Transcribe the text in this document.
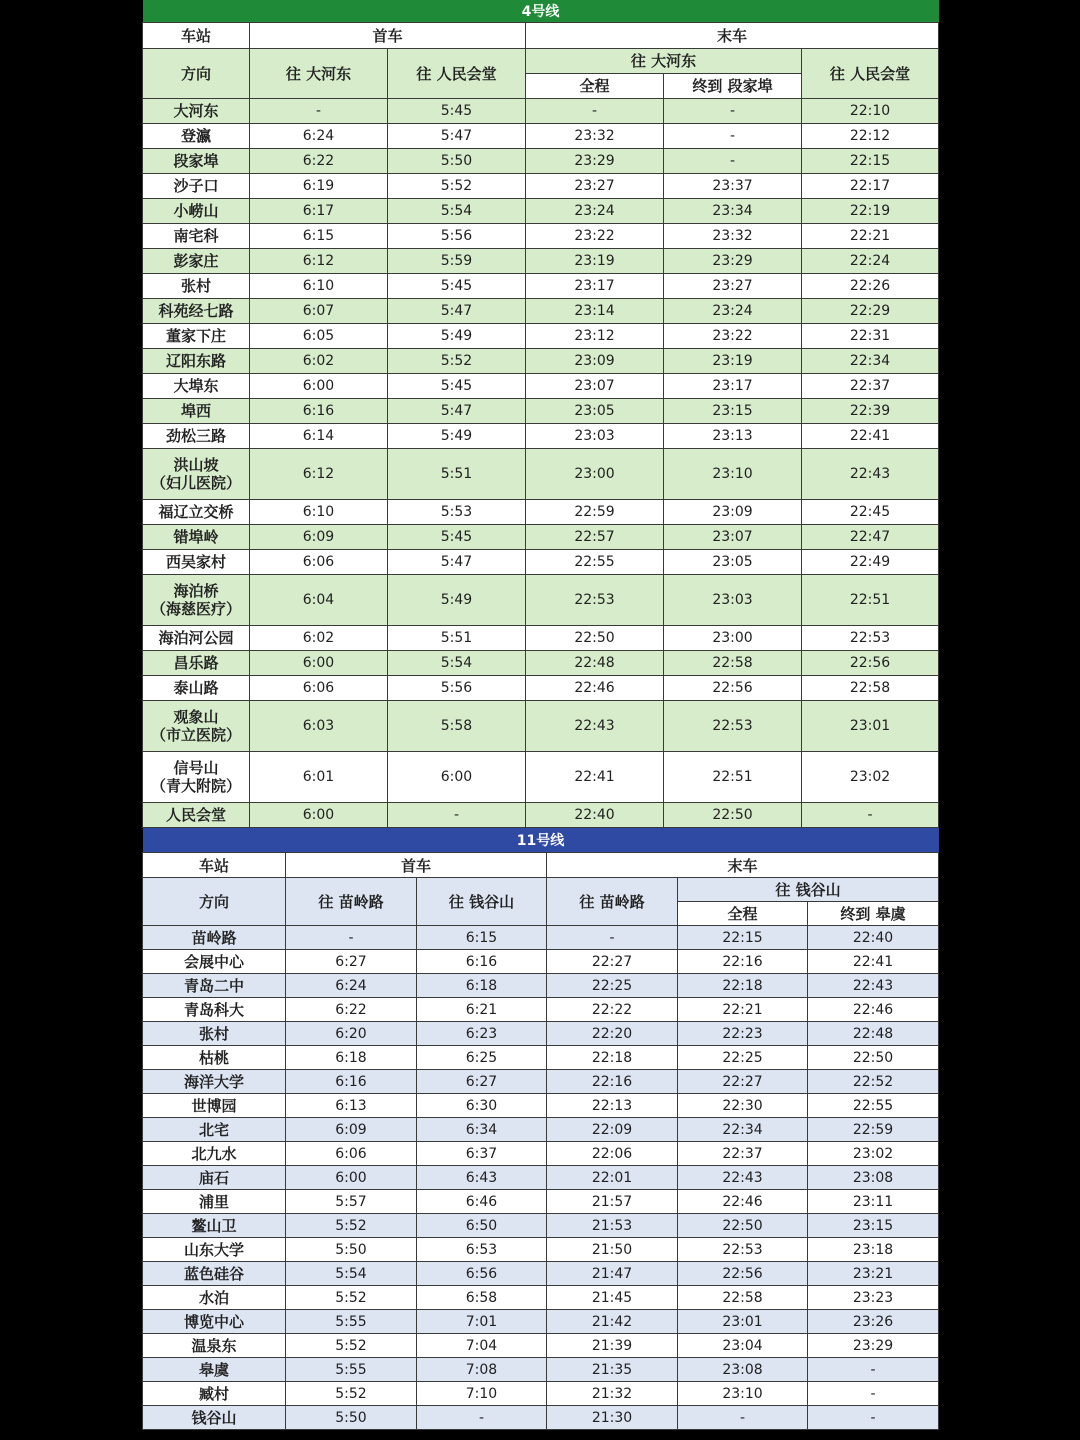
4号线					
车站	首车		末车		
方向	往 大河东	往 人民会堂	往 大河东		往 人民会堂
			全程	终到 段家埠	
大河东	-	5:45	-	-	22:10
登瀛	6:24	5:47	23:32	-	22:12
段家埠	6:22	5:50	23:29	-	22:15
沙子口	6:19	5:52	23:27	23:37	22:17
小崂山	6:17	5:54	23:24	23:34	22:19
南宅科	6:15	5:56	23:22	23:32	22:21
彭家庄	6:12	5:59	23:19	23:29	22:24
张村	6:10	5:45	23:17	23:27	22:26
科苑经七路	6:07	5:47	23:14	23:24	22:29
董家下庄	6:05	5:49	23:12	23:22	22:31
辽阳东路	6:02	5:52	23:09	23:19	22:34
大埠东	6:00	5:45	23:07	23:17	22:37
埠西	6:16	5:47	23:05	23:15	22:39
劲松三路	6:14	5:49	23:03	23:13	22:41
洪山坡
（妇儿医院）	6:12	5:51	23:00	23:10	22:43
福辽立交桥	6:10	5:53	22:59	23:09	22:45
错埠岭	6:09	5:45	22:57	23:07	22:47
西吴家村	6:06	5:47	22:55	23:05	22:49
海泊桥
（海慈医疗）	6:04	5:49	22:53	23:03	22:51
海泊河公园	6:02	5:51	22:50	23:00	22:53
昌乐路	6:00	5:54	22:48	22:58	22:56
泰山路	6:06	5:56	22:46	22:56	22:58
观象山
（市立医院）	6:03	5:58	22:43	22:53	23:01
信号山
（青大附院）	6:01	6:00	22:41	22:51	23:02
人民会堂	6:00	-	22:40	22:50	-
11号线					
车站	首车		末车		
方向	往 苗岭路	往 钱谷山	往 苗岭路	往 钱谷山	
				全程	终到 皋虞
苗岭路	-	6:15	-	22:15	22:40
会展中心	6:27	6:16	22:27	22:16	22:41
青岛二中	6:24	6:18	22:25	22:18	22:43
青岛科大	6:22	6:21	22:22	22:21	22:46
张村	6:20	6:23	22:20	22:23	22:48
枯桃	6:18	6:25	22:18	22:25	22:50
海洋大学	6:16	6:27	22:16	22:27	22:52
世博园	6:13	6:30	22:13	22:30	22:55
北宅	6:09	6:34	22:09	22:34	22:59
北九水	6:06	6:37	22:06	22:37	23:02
庙石	6:00	6:43	22:01	22:43	23:08
浦里	5:57	6:46	21:57	22:46	23:11
鳌山卫	5:52	6:50	21:53	22:50	23:15
山东大学	5:50	6:53	21:50	22:53	23:18
蓝色硅谷	5:54	6:56	21:47	22:56	23:21
水泊	5:52	6:58	21:45	22:58	23:23
博览中心	5:55	7:01	21:42	23:01	23:26
温泉东	5:52	7:04	21:39	23:04	23:29
皋虞	5:55	7:08	21:35	23:08	-
臧村	5:52	7:10	21:32	23:10	-
钱谷山	5:50	-	21:30	-	-
